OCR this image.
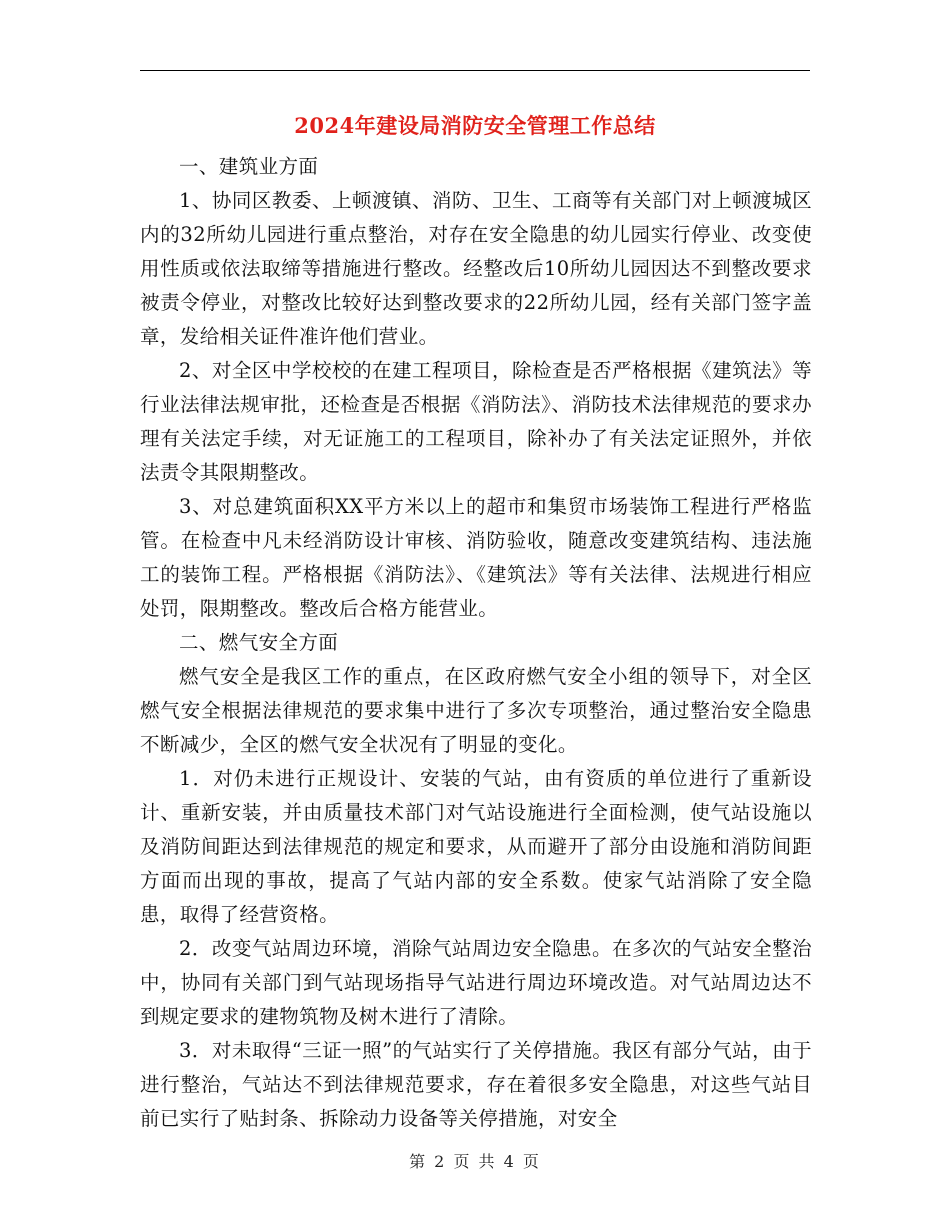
2024年建设局消防安全管理工作总结

一、建筑业方面

1、协同区教委、上顿渡镇、消防、卫生、工商等有关部门对上顿渡城区内的32所幼儿园进行重点整治，对存在安全隐患的幼儿园实行停业、改变使用性质或依法取缔等措施进行整改。经整改后10所幼儿园因达不到整改要求被责令停业，对整改比较好达到整改要求的22所幼儿园，经有关部门签字盖章，发给相关证件准许他们营业。

2、对全区中学校校的在建工程项目，除检查是否严格根据《建筑法》等行业法律法规审批，还检查是否根据《消防法》、消防技术法律规范的要求办理有关法定手续，对无证施工的工程项目，除补办了有关法定证照外，并依法责令其限期整改。

3、对总建筑面积XX平方米以上的超市和集贸市场装饰工程进行严格监管。在检查中凡未经消防设计审核、消防验收，随意改变建筑结构、违法施工的装饰工程。严格根据《消防法》、《建筑法》等有关法律、法规进行相应处罚，限期整改。整改后合格方能营业。

二、燃气安全方面

燃气安全是我区工作的重点，在区政府燃气安全小组的领导下，对全区燃气安全根据法律规范的要求集中进行了多次专项整治，通过整治安全隐患不断减少，全区的燃气安全状况有了明显的变化。

1．对仍未进行正规设计、安装的气站，由有资质的单位进行了重新设计、重新安装，并由质量技术部门对气站设施进行全面检测，使气站设施以及消防间距达到法律规范的规定和要求，从而避开了部分由设施和消防间距方面而出现的事故，提高了气站内部的安全系数。使家气站消除了安全隐患，取得了经营资格。

2．改变气站周边环境，消除气站周边安全隐患。在多次的气站安全整治中，协同有关部门到气站现场指导气站进行周边环境改造。对气站周边达不到规定要求的建物筑物及树木进行了清除。

3．对未取得“三证一照”的气站实行了关停措施。我区有部分气站，由于进行整治，气站达不到法律规范要求，存在着很多安全隐患，对这些气站目前已实行了贴封条、拆除动力设备等关停措施，对安全

第 2 页 共 4 页
